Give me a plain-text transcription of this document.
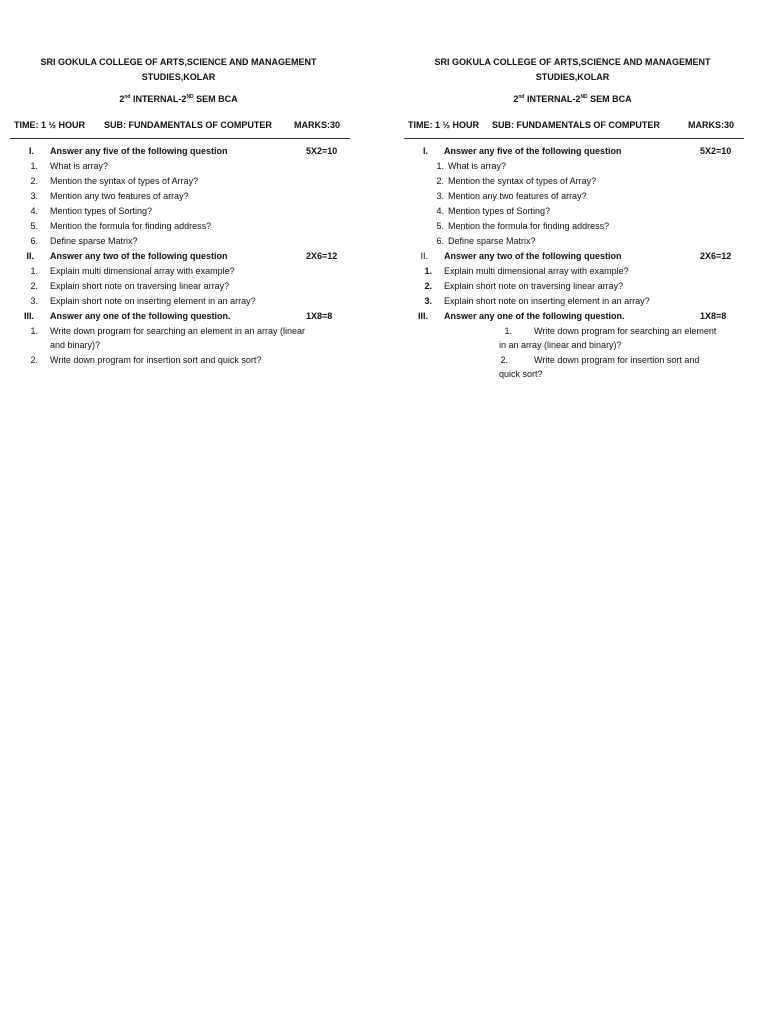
SRI GOKULA COLLEGE OF ARTS,SCIENCE AND MANAGEMENT
STUDIES,KOLAR
2nd INTERNAL-2ND SEM BCA
TIME: 1 ½ HOUR SUB: FUNDAMENTALS OF COMPUTER MARKS:30
I. Answer any five of the following question	5X2=10
1. What is array?
2. Mention the syntax of types of Array?
3. Mention any two features of array?
4. Mention types of Sorting?
5. Mention the formula for finding address?
6. Define sparse Matrix?
II. Answer any two of the following question	2X6=12
1. Explain multi dimensional array with example?
2. Explain short note on traversing linear array?
3. Explain short note on inserting element in an array?
III. Answer any one of the following question.	1X8=8
1. Write down program for searching an element in an array (linear
and binary)?
2. Write down program for insertion sort and quick sort?
SRI GOKULA COLLEGE OF ARTS,SCIENCE AND MANAGEMENT
STUDIES,KOLAR
2nd INTERNAL-2ND SEM BCA
TIME: 1 ½ HOUR SUB: FUNDAMENTALS OF COMPUTER	MARKS:30
I. Answer any five of the following question	5X2=10
1. What is array?
2. Mention the syntax of types of Array?
3. Mention any two features of array?
4. Mention types of Sorting?
5. Mention the formula for finding address?
6. Define sparse Matrix?
II. Answer any two of the following question	2X6=12
1. Explain multi dimensional array with example?
2. Explain short note on traversing linear array?
3. Explain short note on inserting element in an array?
III. Answer any one of the following question.	1X8=8
1. Write down program for searching an element
in an array (linear and binary)?
2.	Write down program for insertion sort and
quick sort?
